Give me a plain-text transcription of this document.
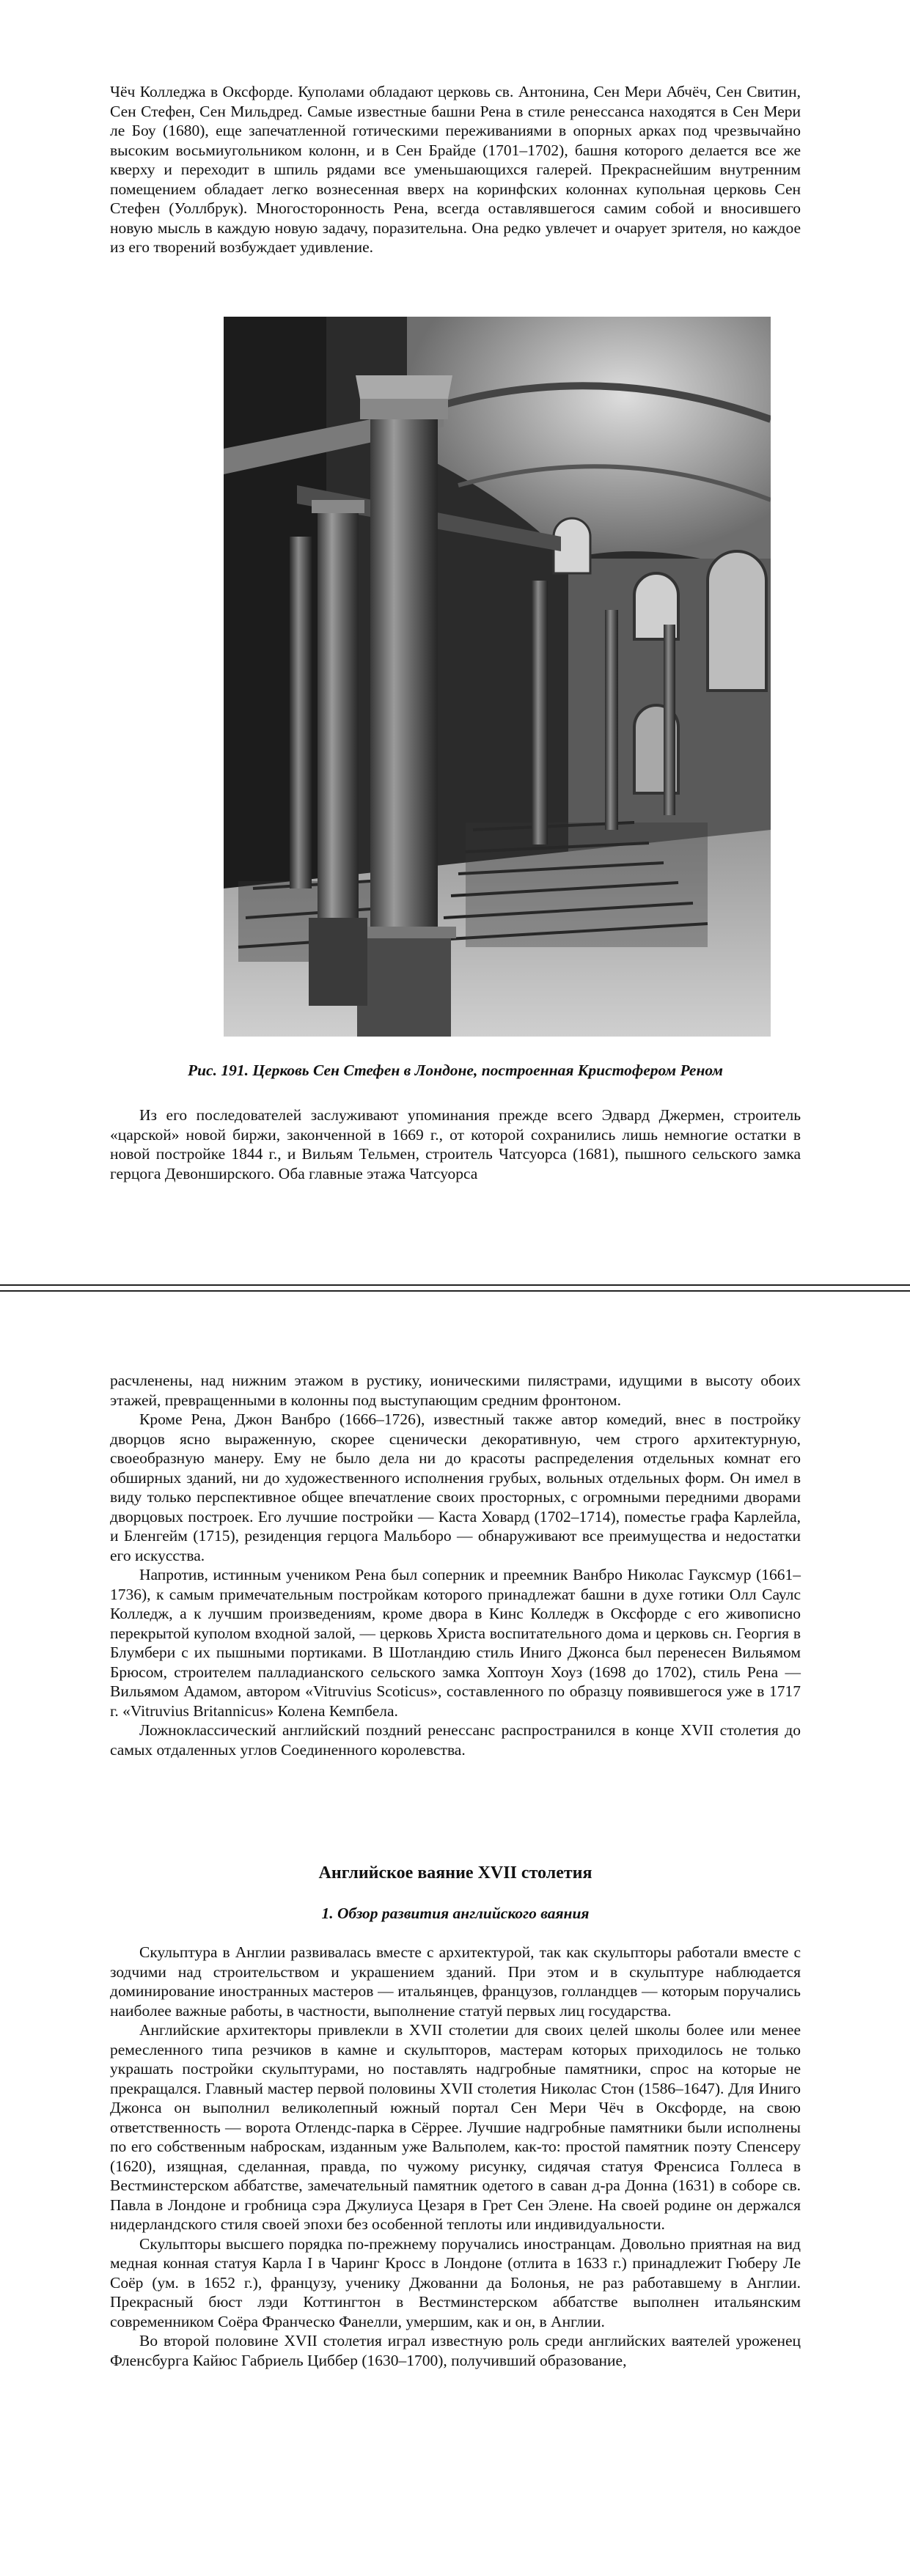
Чёч Колледжа в Оксфорде. Куполами обладают церковь св. Антонина, Сен Мери Абчёч, Сен Свитин, Сен Стефен, Сен Мильдред. Самые известные башни Рена в стиле ренессанса находятся в Сен Мери ле Боу (1680), еще запечатленной готическими переживаниями в опорных арках под чрезвычайно высоким восьмиугольником колонн, и в Сен Брайде (1701–1702), башня которого делается все же кверху и переходит в шпиль рядами все уменьшающихся галерей. Прекраснейшим внутренним помещением обладает легко вознесенная вверх на коринфских колоннах купольная церковь Сен Стефен (Уоллбрук). Многосторонность Рена, всегда оставлявшегося самим собой и вносившего новую мысль в каждую новую задачу, поразительна. Она редко увлечет и очарует зрителя, но каждое из его творений возбуждает удивление.

Рис. 191. Церковь Сен Стефен в Лондоне, построенная Кристофером Реном

Из его последователей заслуживают упоминания прежде всего Эдвард Джермен, строитель «царской» новой биржи, законченной в 1669 г., от которой сохранились лишь немногие остатки в новой постройке 1844 г., и Вильям Тельмен, строитель Чатсуорса (1681), пышного сельского замка герцога Девонширского. Оба главные этажа Чатсуорса

расчленены, над нижним этажом в рустику, ионическими пилястрами, идущими в высоту обоих этажей, превращенными в колонны под выступающим средним фронтоном.

Кроме Рена, Джон Ванбро (1666–1726), известный также автор комедий, внес в постройку дворцов ясно выраженную, скорее сценически декоративную, чем строго архитектурную, своеобразную манеру. Ему не было дела ни до красоты распределения отдельных комнат его обширных зданий, ни до художественного исполнения грубых, вольных отдельных форм. Он имел в виду только перспективное общее впечатление своих просторных, с огромными передними дворами дворцовых построек. Его лучшие постройки — Каста Ховард (1702–1714), поместье графа Карлейла, и Бленгейм (1715), резиденция герцога Мальборо — обнаруживают все преимущества и недостатки его искусства.

Напротив, истинным учеником Рена был соперник и преемник Ванбро Николас Гауксмур (1661–1736), к самым примечательным постройкам которого принадлежат башни в духе готики Олл Саулс Колледж, а к лучшим произведениям, кроме двора в Кинс Колледж в Оксфорде с его живописно перекрытой куполом входной залой, — церковь Христа воспитательного дома и церковь сн. Георгия в Блумбери с их пышными портиками. В Шотландию стиль Иниго Джонса был перенесен Вильямом Брюсом, строителем палладианского сельского замка Хоптоун Хоуз (1698 до 1702), стиль Рена — Вильямом Адамом, автором «Vitruvius Scoticus», составленного по образцу появившегося уже в 1717 г. «Vitruvius Britannicus» Колена Кемпбела.

Ложноклассический английский поздний ренессанс распространился в конце XVII столетия до самых отдаленных углов Соединенного королевства.

Английское ваяние XVII столетия
1. Обзор развития английского ваяния

Скульптура в Англии развивалась вместе с архитектурой, так как скульпторы работали вместе с зодчими над строительством и украшением зданий. При этом и в скульптуре наблюдается доминирование иностранных мастеров — итальянцев, французов, голландцев — которым поручались наиболее важные работы, в частности, выполнение статуй первых лиц государства.

Английские архитекторы привлекли в XVII столетии для своих целей школы более или менее ремесленного типа резчиков в камне и скульпторов, мастерам которых приходилось не только украшать постройки скульптурами, но поставлять надгробные памятники, спрос на которые не прекращался. Главный мастер первой половины XVII столетия Николас Стон (1586–1647). Для Иниго Джонса он выполнил великолепный южный портал Сен Мери Чёч в Оксфорде, на свою ответственность — ворота Отлендс-парка в Сёррее. Лучшие надгробные памятники были исполнены по его собственным наброскам, изданным уже Вальполем, как-то: простой памятник поэту Спенсеру (1620), изящная, сделанная, правда, по чужому рисунку, сидячая статуя Френсиса Голлеса в Вестминстерском аббатстве, замечательный памятник одетого в саван д-ра Донна (1631) в соборе св. Павла в Лондоне и гробница сэра Джулиуса Цезаря в Грет Сен Элене. На своей родине он держался нидерландского стиля своей эпохи без особенной теплоты или индивидуальности.

Скульпторы высшего порядка по-прежнему поручались иностранцам. Довольно приятная на вид медная конная статуя Карла I в Чаринг Кросс в Лондоне (отлита в 1633 г.) принадлежит Гюберу Ле Соёр (ум. в 1652 г.), французу, ученику Джованни да Болонья, не раз работавшему в Англии. Прекрасный бюст лэди Коттингтон в Вестминстерском аббатстве выполнен итальянским современником Соёра Франческо Фанелли, умершим, как и он, в Англии.

Во второй половине XVII столетия играл известную роль среди английских ваятелей уроженец Фленсбурга Кайюс Габриель Циббер (1630–1700), получивший образование,
